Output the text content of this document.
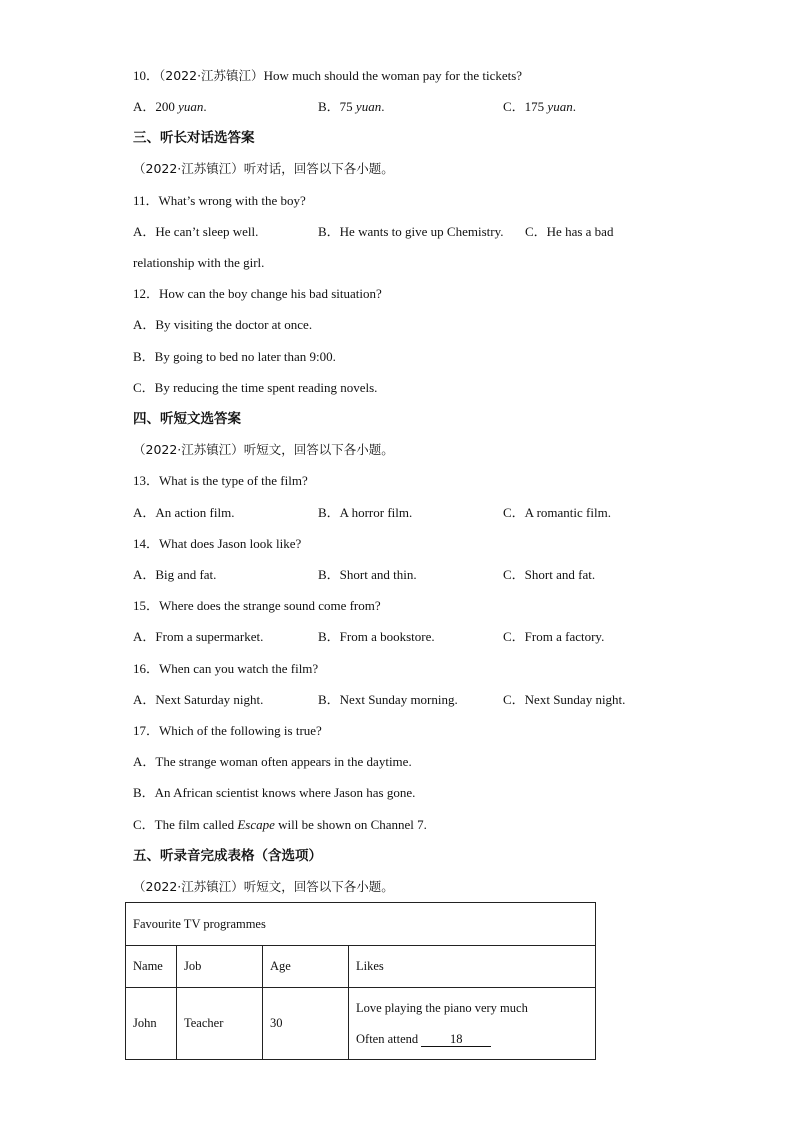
10．（2022·江苏镇江）How much should the woman pay for the tickets?
A．200 yuan.	B．75 yuan.	C．175 yuan.
三、听长对话选答案
（2022·江苏镇江）听对话，回答以下各小题。
11．What’s wrong with the boy?
A．He can’t sleep well.	B．He wants to give up Chemistry. C．He has a bad
relationship with the girl.
12．How can the boy change his bad situation?
A．By visiting the doctor at once.
B．By going to bed no later than 9:00.
C．By reducing the time spent reading novels.
四、听短文选答案
（2022·江苏镇江）听短文，回答以下各小题。
13．What is the type of the film?
A．An action film.	B．A horror film.	C．A romantic film.
14．What does Jason look like?
A．Big and fat.	B．Short and thin.	C．Short and fat.
15．Where does the strange sound come from?
A．From a supermarket.	B．From a bookstore.	C．From a factory.
16．When can you watch the film?
A．Next Saturday night.	B．Next Sunday morning.	C．Next Sunday night.
17．Which of the following is true?
A．The strange woman often appears in the daytime.
B．An African scientist knows where Jason has gone.
C．The film called Escape will be shown on Channel 7.
五、听录音完成表格（含选项）
（2022·江苏镇江）听短文，回答以下各小题。
Favourite TV programmes			
Name	Job	Age	Likes
John	Teacher	30	Love playing the piano very much
Often attend 18
